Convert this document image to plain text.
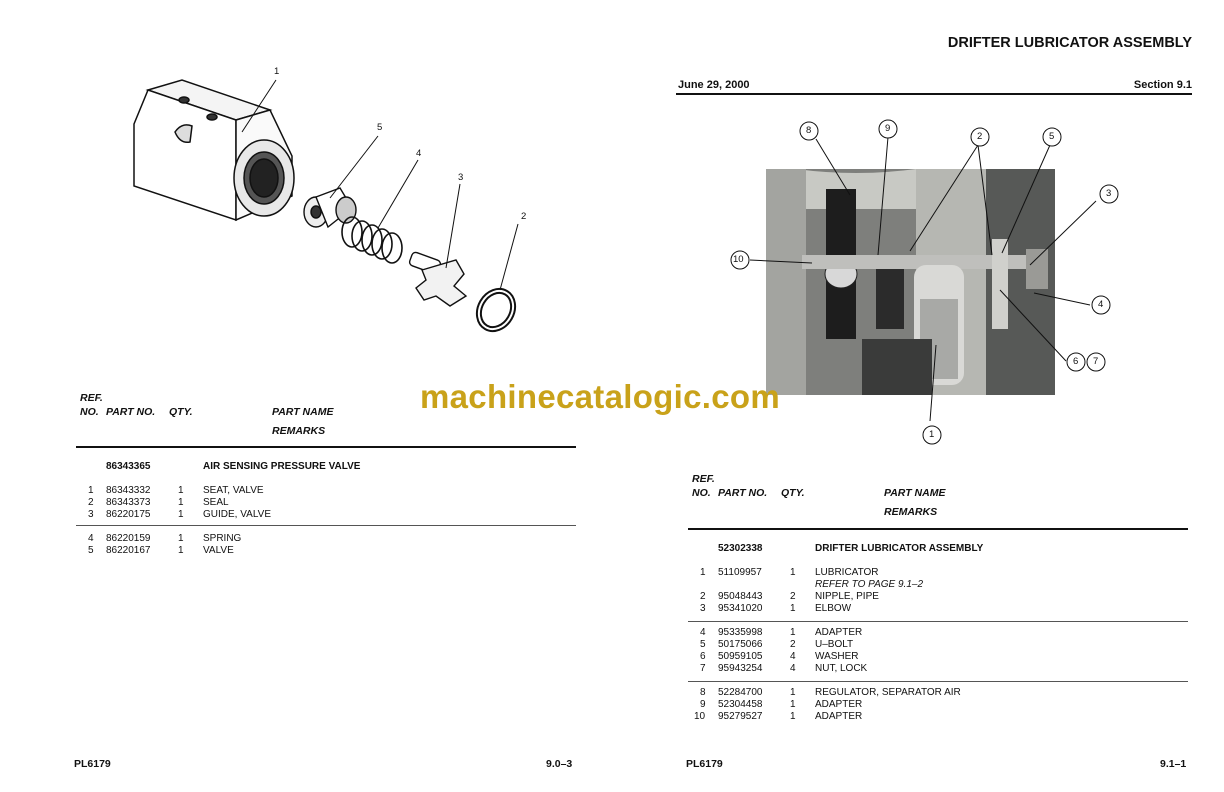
1
5
4
3
2
REF.
NO. PART NO. QTY.	PART NAME
REMARKS
86343365	AIR SENSING PRESSURE VALVE
1 86343332	1 SEAT, VALVE
2 86343373	1 SEAL
3 86220175	1 GUIDE, VALVE
4 86220159	1 SPRING
5 86220167	1 VALVE
PL6179	9.0–3
DRIFTER LUBRICATOR ASSEMBLY
June 29, 2000	Section 9.1
8	9
2	5
3
10
4
6 7
1
REF.
NO. PART NO. QTY.	PART NAME
REMARKS
52302338	DRIFTER LUBRICATOR ASSEMBLY
1 51109957	1 LUBRICATOR
REFER TO PAGE 9.1–2
2 95048443	2 NIPPLE, PIPE
3 95341020	1 ELBOW
4 95335998	1 ADAPTER
5 50175066	2 U–BOLT
6 50959105	4 WASHER
7 95943254	4 NUT, LOCK
8 52284700	1 REGULATOR, SEPARATOR AIR
9 52304458	1 ADAPTER
10 95279527	1 ADAPTER
PL6179	9.1–1
machinecatalogic.com
